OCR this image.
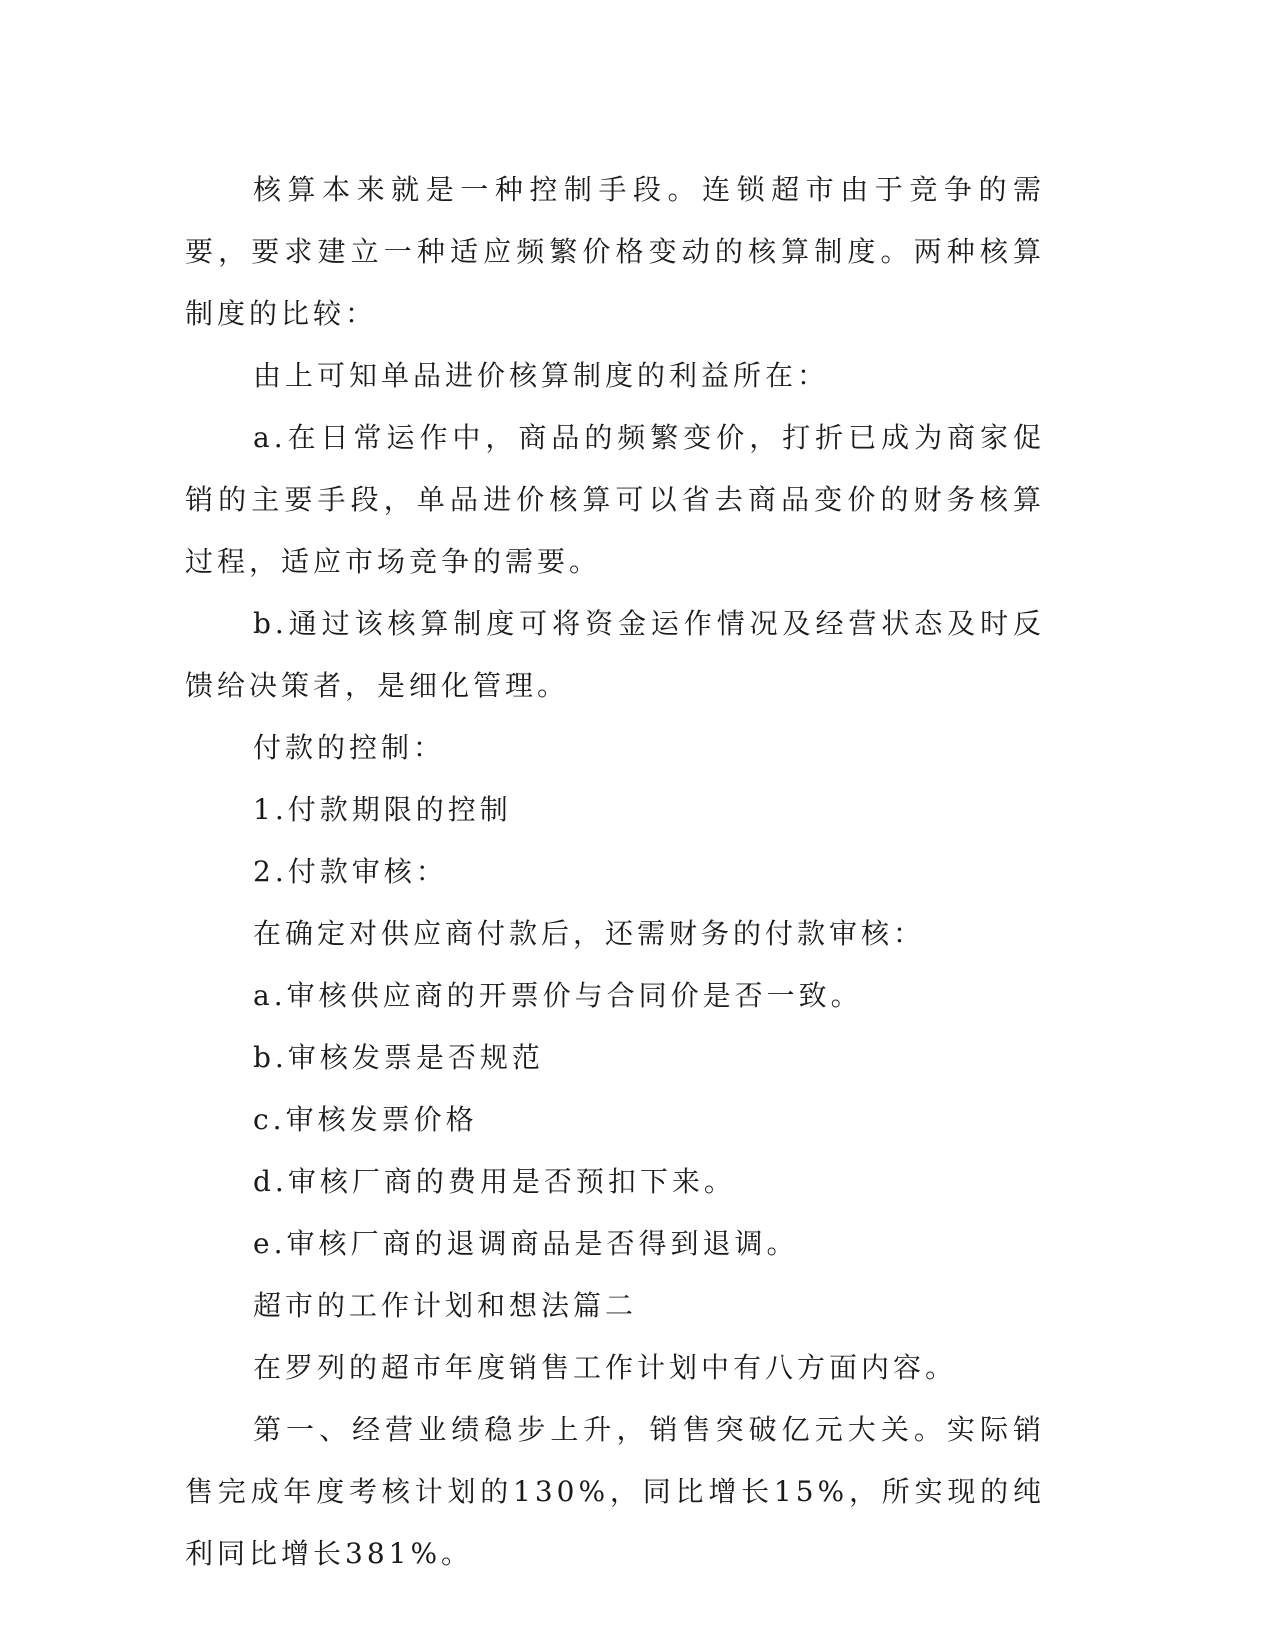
核算本来就是一种控制手段。连锁超市由于竞争的需要，要求建立一种适应频繁价格变动的核算制度。两种核算制度的比较：

由上可知单品进价核算制度的利益所在：

a.在日常运作中，商品的频繁变价，打折已成为商家促销的主要手段，单品进价核算可以省去商品变价的财务核算过程，适应市场竞争的需要。

b.通过该核算制度可将资金运作情况及经营状态及时反馈给决策者，是细化管理。

付款的控制：

1.付款期限的控制

2.付款审核：

在确定对供应商付款后，还需财务的付款审核：

a.审核供应商的开票价与合同价是否一致。

b.审核发票是否规范

c.审核发票价格

d.审核厂商的费用是否预扣下来。

e.审核厂商的退调商品是否得到退调。

超市的工作计划和想法篇二

在罗列的超市年度销售工作计划中有八方面内容。

第一、经营业绩稳步上升，销售突破亿元大关。实际销售完成年度考核计划的130%，同比增长15%，所实现的纯利同比增长381%。
